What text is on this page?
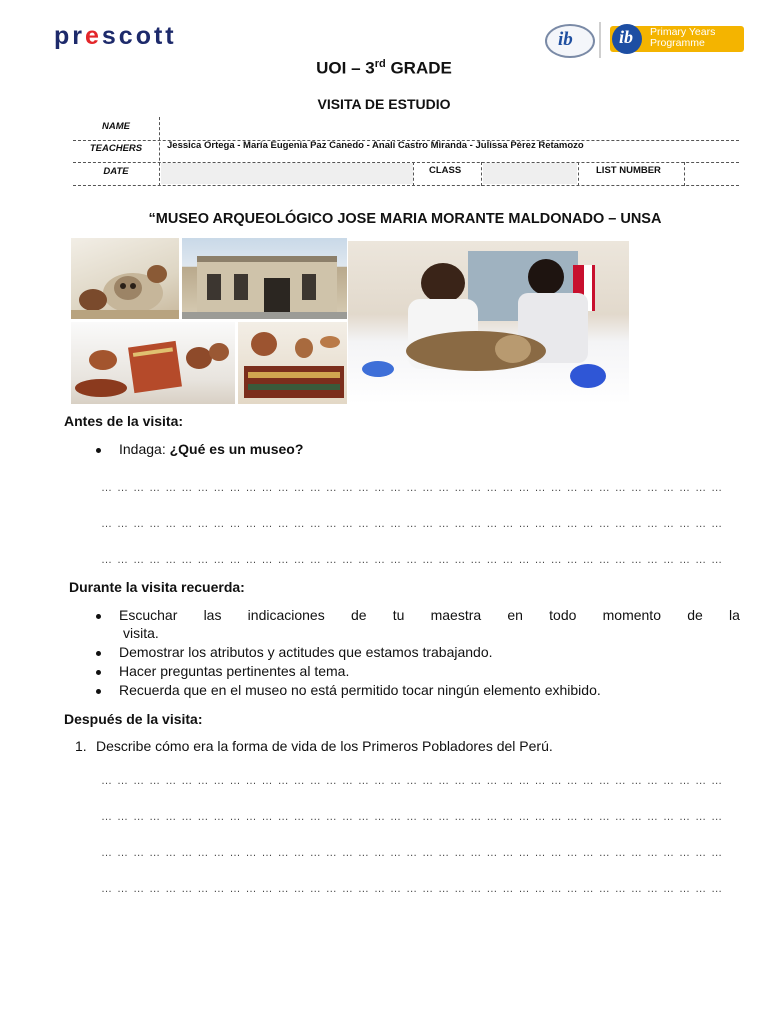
prescott	ib	ib Primary Years
Programme
UOI – 3rd GRADE
VISITA DE ESTUDIO
NAME
TEACHERS	Jessica Ortega - María Eugenia Paz Canedo - Analí Castro Miranda - Julissa Pérez Retamozo
DATE	CLASS	LIST NUMBER
“MUSEO ARQUEOLÓGICO JOSE MARIA MORANTE MALDONADO – UNSA
Antes de la visita:
Indaga: ¿Qué es un museo?
… … … … … … … … … … … … … … … … … … … … … … … … … … … … … … … … … … … … … … …
… … … … … … … … … … … … … … … … … … … … … … … … … … … … … … … … … … … … … … …
… … … … … … … … … … … … … … … … … … … … … … … … … … … … … … … … … … … … … … …
Durante la visita recuerda:
Escuchar las indicaciones de tu maestra en todo momento de la
visita.
Demostrar los atributos y actitudes que estamos trabajando.
Hacer preguntas pertinentes al tema.
Recuerda que en el museo no está permitido tocar ningún elemento exhibido.
Después de la visita:
1. Describe cómo era la forma de vida de los Primeros Pobladores del Perú.
… … … … … … … … … … … … … … … … … … … … … … … … … … … … … … … … … … … … … … …
… … … … … … … … … … … … … … … … … … … … … … … … … … … … … … … … … … … … … … …
… … … … … … … … … … … … … … … … … … … … … … … … … … … … … … … … … … … … … … …
… … … … … … … … … … … … … … … … … … … … … … … … … … … … … … … … … … … … … … …
